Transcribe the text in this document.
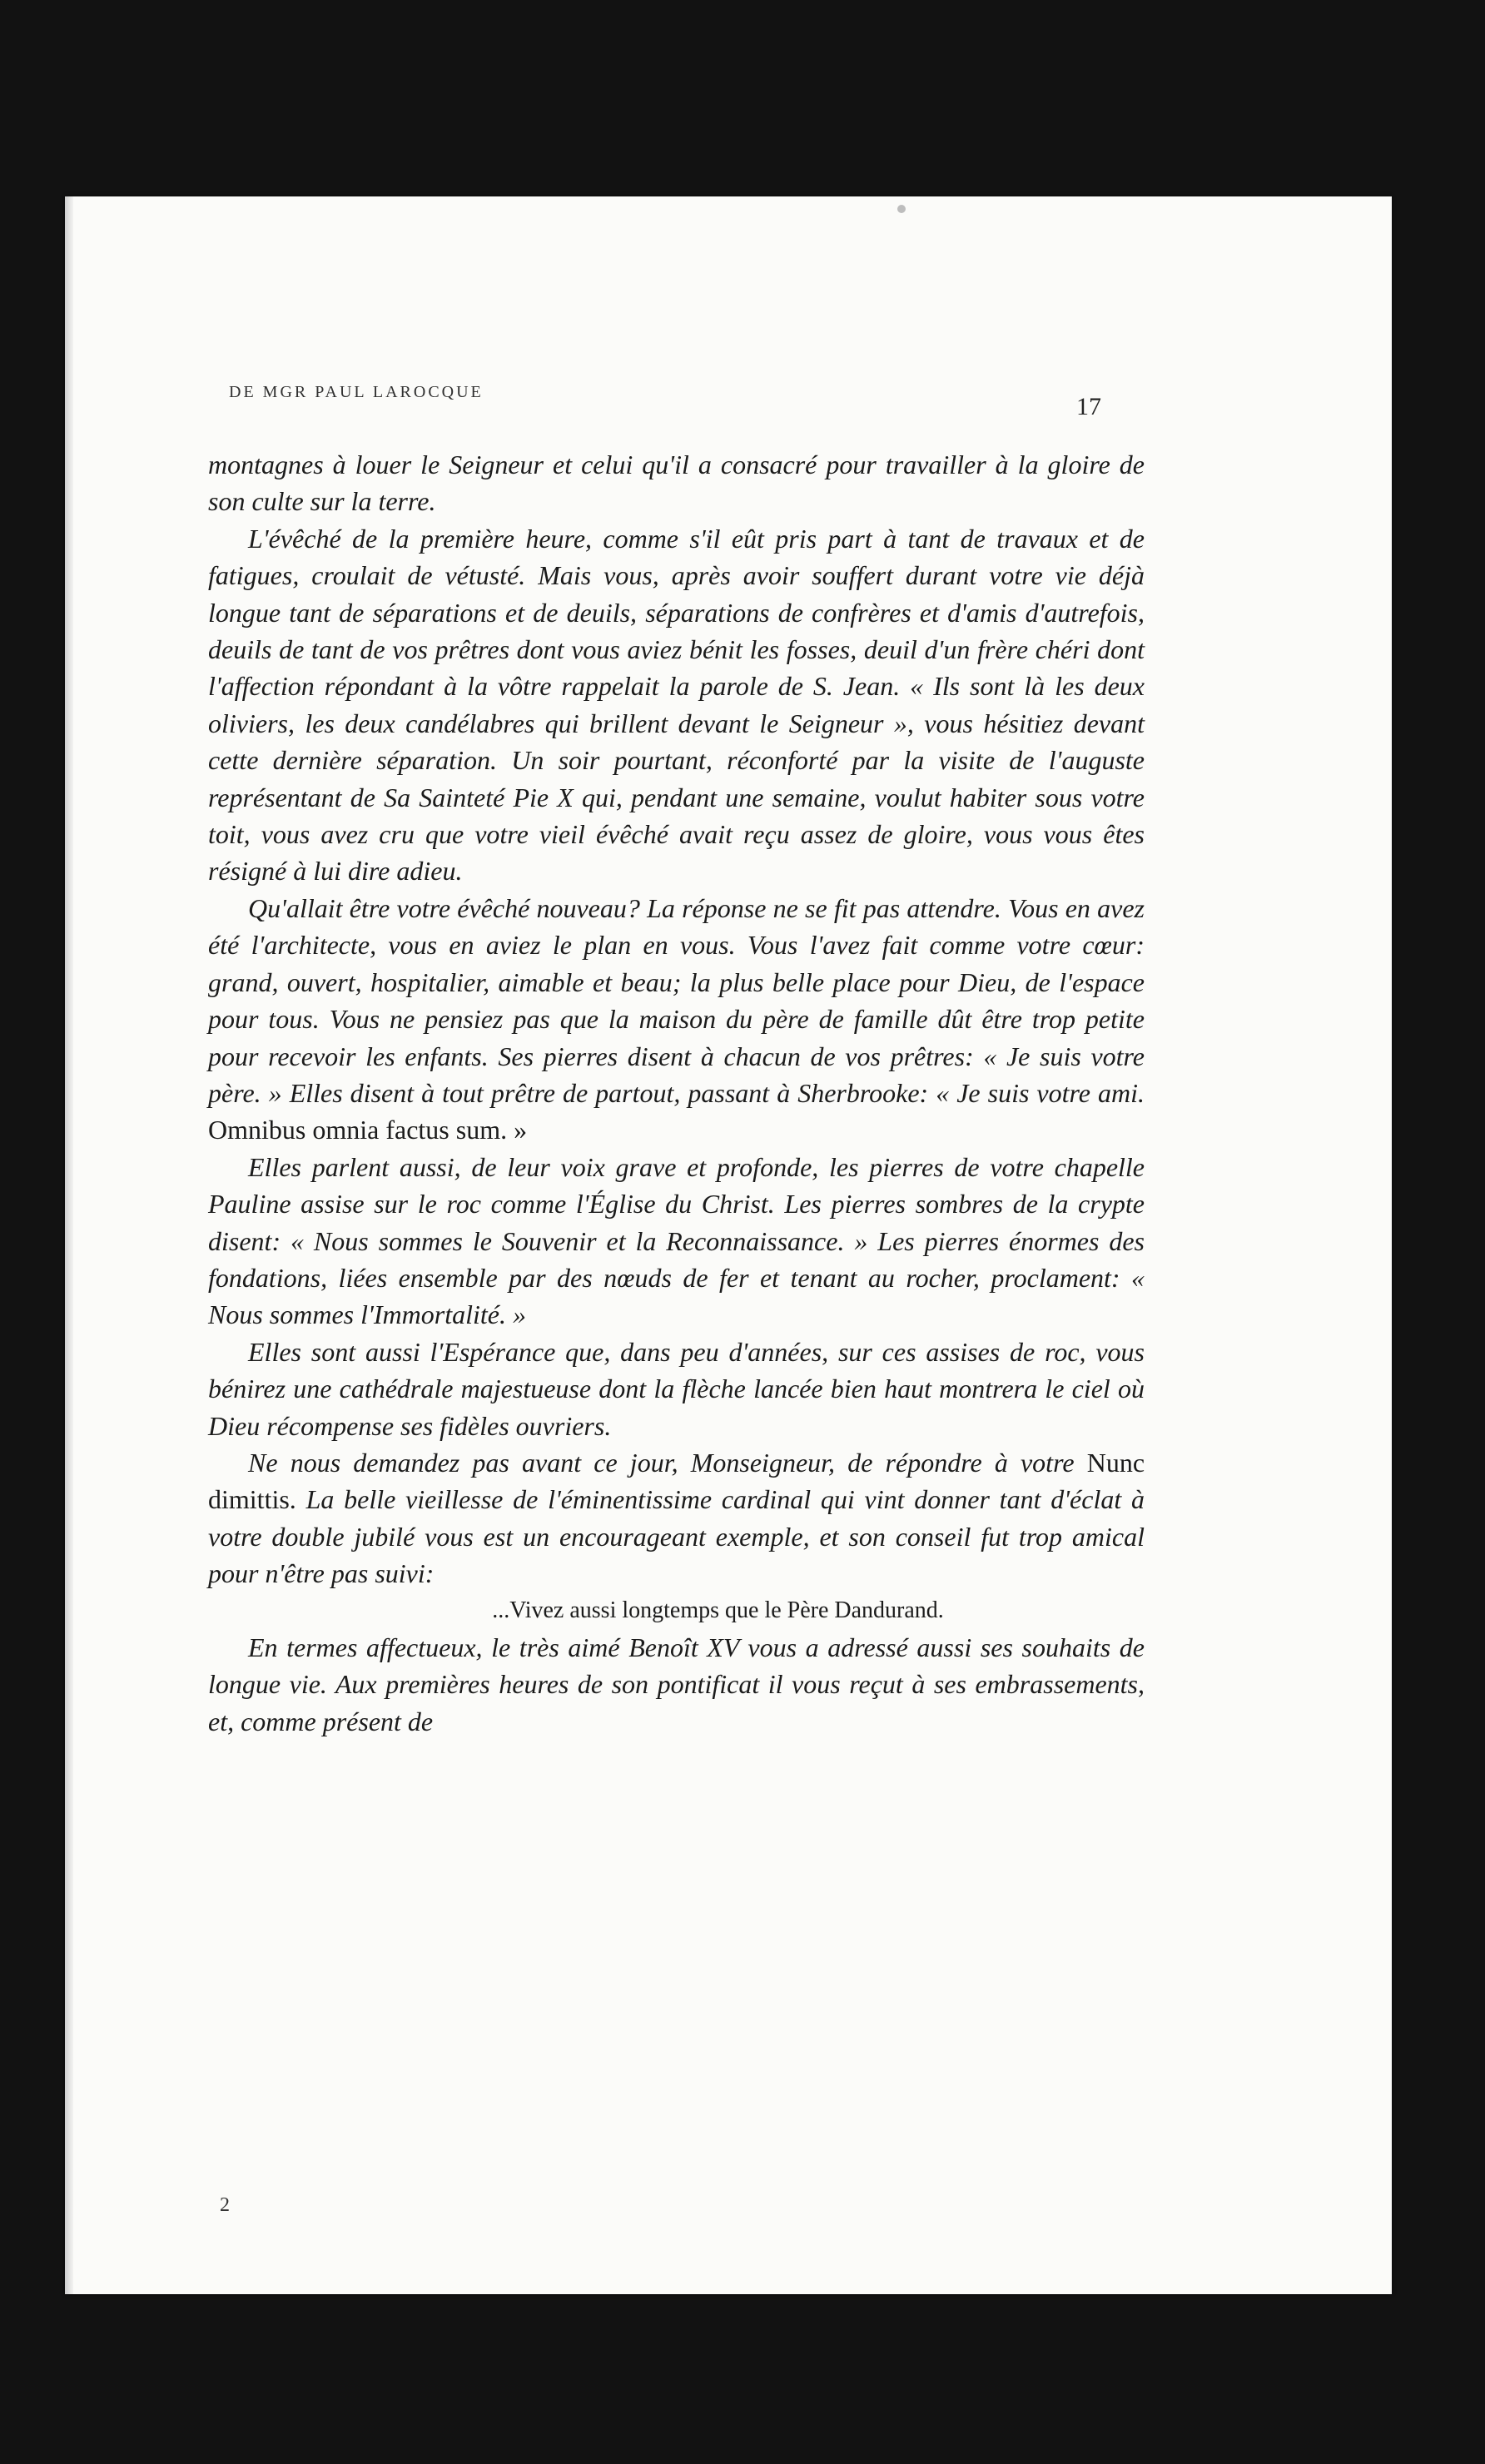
DE MGR PAUL LAROCQUE
17

montagnes à louer le Seigneur et celui qu'il a consacré pour travailler à la gloire de son culte sur la terre.

L'évêché de la première heure, comme s'il eût pris part à tant de travaux et de fatigues, croulait de vétusté. Mais vous, après avoir souffert durant votre vie déjà longue tant de séparations et de deuils, séparations de confrères et d'amis d'autrefois, deuils de tant de vos prêtres dont vous aviez bénit les fosses, deuil d'un frère chéri dont l'affection répondant à la vôtre rappelait la parole de S. Jean. « Ils sont là les deux oliviers, les deux candélabres qui brillent devant le Seigneur », vous hésitiez devant cette dernière séparation. Un soir pourtant, réconforté par la visite de l'auguste représentant de Sa Sainteté Pie X qui, pendant une semaine, voulut habiter sous votre toit, vous avez cru que votre vieil évêché avait reçu assez de gloire, vous vous êtes résigné à lui dire adieu.

Qu'allait être votre évêché nouveau? La réponse ne se fit pas attendre. Vous en avez été l'architecte, vous en aviez le plan en vous. Vous l'avez fait comme votre cœur: grand, ouvert, hospitalier, aimable et beau; la plus belle place pour Dieu, de l'espace pour tous. Vous ne pensiez pas que la maison du père de famille dût être trop petite pour recevoir les enfants. Ses pierres disent à chacun de vos prêtres: « Je suis votre père. » Elles disent à tout prêtre de partout, passant à Sherbrooke: « Je suis votre ami. Omnibus omnia factus sum. »

Elles parlent aussi, de leur voix grave et profonde, les pierres de votre chapelle Pauline assise sur le roc comme l'Église du Christ. Les pierres sombres de la crypte disent: « Nous sommes le Souvenir et la Reconnaissance. » Les pierres énormes des fondations, liées ensemble par des nœuds de fer et tenant au rocher, proclament: « Nous sommes l'Immortalité. »

Elles sont aussi l'Espérance que, dans peu d'années, sur ces assises de roc, vous bénirez une cathédrale majestueuse dont la flèche lancée bien haut montrera le ciel où Dieu récompense ses fidèles ouvriers.

Ne nous demandez pas avant ce jour, Monseigneur, de répondre à votre Nunc dimittis. La belle vieillesse de l'éminentissime cardinal qui vint donner tant d'éclat à votre double jubilé vous est un encourageant exemple, et son conseil fut trop amical pour n'être pas suivi:

...Vivez aussi longtemps que le Père Dandurand.

En termes affectueux, le très aimé Benoît XV vous a adressé aussi ses souhaits de longue vie. Aux premières heures de son pontificat il vous reçut à ses embrassements, et, comme présent de

2
